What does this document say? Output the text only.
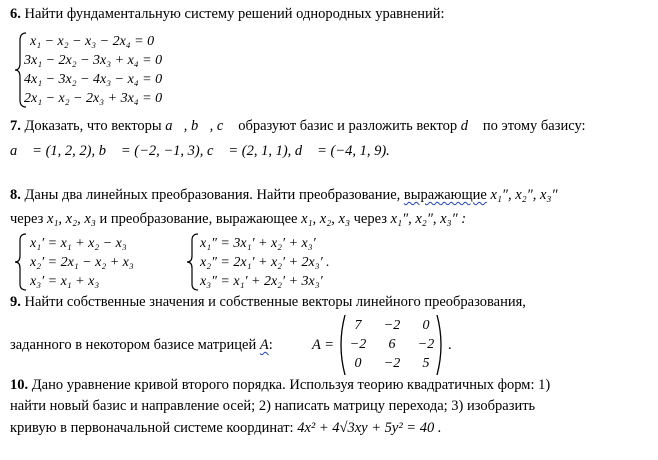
6. Найти фундаментальную систему решений однородных уравнений:
x₁ − x₂ − x₃ − 2x₄ = 0
3x₁ − 2x₂ − 3x₃ + x₄ = 0
4x₁ − 3x₂ − 4x₃ − x₄ = 0
2x₁ − x₂ − 2x₃ + 3x₄ = 0
7. Доказать, что векторы a⃗, b⃗, c⃗ образуют базис и разложить вектор d⃗ по этому базису:
a⃗ = (1, 2, 2), b⃗ = (−2, −1, 3), c⃗ = (2, 1, 1), d⃗ = (−4, 1, 9).
8. Даны два линейных преобразования. Найти преобразование, выражающие x₁″, x₂″, x₃″
через x₁, x₂, x₃ и преобразование, выражающее x₁, x₂, x₃ через x₁″, x₂″, x₃″ :
x₁′ = x₁ + x₂ − x₃
x₂′ = 2x₁ − x₂ + x₃
x₃′ = x₁ + x₃
x₁″ = 3x₁′ + x₂′ + x₃′
x₂″ = 2x₁′ + x₂′ + 2x₃′ .
x₃″ = x₁′ + 2x₂′ + 3x₃′
9. Найти собственные значения и собственные векторы линейного преобразования,
заданного в некотором базисе матрицей A:	A =
7	−2	0
−2	6	−2
0	−2	5
.
10. Дано уравнение кривой второго порядка. Используя теорию квадратичных форм: 1)
найти новый базис и направление осей; 2) написать матрицу перехода; 3) изобразить
кривую в первоначальной системе координат: 4x² + 4√3xy + 5y² = 40 .
